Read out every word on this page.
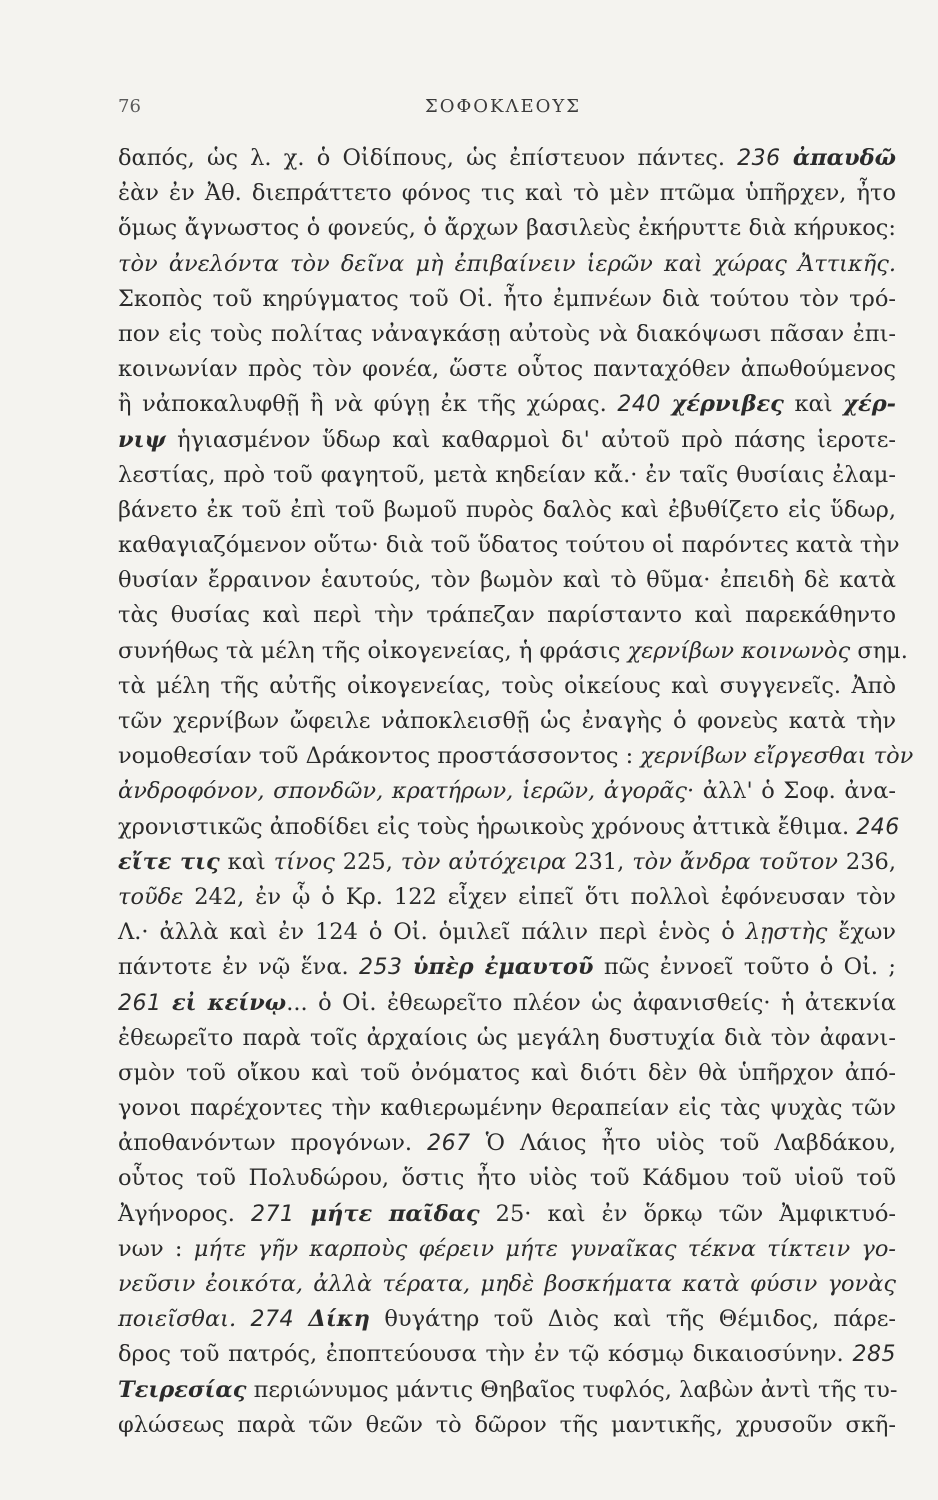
76	ΣΟΦΟΚΛΕΟΥΣ
δαπός, ὡς λ. χ. ὁ Οἰδίπους, ὡς ἐπίστευον πάντες. 236 ἀπαυδῶ
ἐὰν ἐν Ἀθ. διεπράττετο φόνος τις καὶ τὸ μὲν πτῶμα ὑπῆρχεν, ἦτο
ὅμως ἄγνωστος ὁ φονεύς, ὁ ἄρχων βασιλεὺς ἐκήρυττε διὰ κήρυκος:
τὸν ἀνελόντα τὸν δεῖνα μὴ ἐπιβαίνειν ἱερῶν καὶ χώρας Ἀττικῆς.
Σκοπὸς τοῦ κηρύγματος τοῦ Οἰ. ἦτο ἐμπνέων διὰ τούτου τὸν τρό-
πον εἰς τοὺς πολίτας νἀναγκάσῃ αὐτοὺς νὰ διακόψωσι πᾶσαν ἐπι-
κοινωνίαν πρὸς τὸν φονέα, ὥστε οὗτος πανταχόθεν ἀπωθούμενος
ἢ νἀποκαλυφθῇ ἢ νὰ φύγῃ ἐκ τῆς χώρας. 240 χέρνιβες καὶ χέρ-
νιψ ἡγιασμένον ὕδωρ καὶ καθαρμοὶ δι' αὐτοῦ πρὸ πάσης ἱεροτε-
λεστίας, πρὸ τοῦ φαγητοῦ, μετὰ κηδείαν κἄ.· ἐν ταῖς θυσίαις ἐλαμ-
βάνετο ἐκ τοῦ ἐπὶ τοῦ βωμοῦ πυρὸς δαλὸς καὶ ἐβυθίζετο εἰς ὕδωρ,
καθαγιαζόμενον οὕτω· διὰ τοῦ ὕδατος τούτου οἱ παρόντες κατὰ τὴν
θυσίαν ἔρραινον ἑαυτούς, τὸν βωμὸν καὶ τὸ θῦμα· ἐπειδὴ δὲ κατὰ
τὰς θυσίας καὶ περὶ τὴν τράπεζαν παρίσταντο καὶ παρεκάθηντο
συνήθως τὰ μέλη τῆς οἰκογενείας, ἡ φράσις χερνίβων κοινωνὸς σημ.
τὰ μέλη τῆς αὐτῆς οἰκογενείας, τοὺς οἰκείους καὶ συγγενεῖς. Ἀπὸ
τῶν χερνίβων ὤφειλε νἀποκλεισθῇ ὡς ἐναγὴς ὁ φονεὺς κατὰ τὴν
νομοθεσίαν τοῦ Δράκοντος προστάσσοντος : χερνίβων εἴργεσθαι τὸν
ἀνδροφόνον, σπονδῶν, κρατήρων, ἱερῶν, ἀγορᾶς· ἀλλ' ὁ Σοφ. ἀνα-
χρονιστικῶς ἀποδίδει εἰς τοὺς ἡρωικοὺς χρόνους ἀττικὰ ἔθιμα. 246
εἴτε τις καὶ τίνος 225, τὸν αὐτόχειρα 231, τὸν ἄνδρα τοῦτον 236,
τοῦδε 242, ἐν ᾧ ὁ Κρ. 122 εἶχεν εἰπεῖ ὅτι πολλοὶ ἐφόνευσαν τὸν
Λ.· ἀλλὰ καὶ ἐν 124 ὁ Οἰ. ὁμιλεῖ πάλιν περὶ ἑνὸς ὁ λῃστὴς ἔχων
πάντοτε ἐν νῷ ἕνα. 253 ὑπὲρ ἐμαυτοῦ πῶς ἐννοεῖ τοῦτο ὁ Οἰ. ;
261 εἰ κείνῳ... ὁ Οἰ. ἐθεωρεῖτο πλέον ὡς ἀφανισθείς· ἡ ἀτεκνία
ἐθεωρεῖτο παρὰ τοῖς ἀρχαίοις ὡς μεγάλη δυστυχία διὰ τὸν ἀφανι-
σμὸν τοῦ οἴκου καὶ τοῦ ὀνόματος καὶ διότι δὲν θὰ ὑπῆρχον ἀπό-
γονοι παρέχοντες τὴν καθιερωμένην θεραπείαν εἰς τὰς ψυχὰς τῶν
ἀποθανόντων προγόνων. 267 Ὁ Λάιος ἦτο υἱὸς τοῦ Λαβδάκου,
οὗτος τοῦ Πολυδώρου, ὅστις ἦτο υἱὸς τοῦ Κάδμου τοῦ υἱοῦ τοῦ
Ἀγήνορος. 271 μήτε παῖδας 25· καὶ ἐν ὅρκῳ τῶν Ἀμφικτυό-
νων : μήτε γῆν καρποὺς φέρειν μήτε γυναῖκας τέκνα τίκτειν γο-
νεῦσιν ἐοικότα, ἀλλὰ τέρατα, μηδὲ βοσκήματα κατὰ φύσιν γονὰς
ποιεῖσθαι. 274 Δίκη θυγάτηρ τοῦ Διὸς καὶ τῆς Θέμιδος, πάρε-
δρος τοῦ πατρός, ἐποπτεύουσα τὴν ἐν τῷ κόσμῳ δικαιοσύνην. 285
Τειρεσίας περιώνυμος μάντις Θηβαῖος τυφλός, λαβὼν ἀντὶ τῆς τυ-
φλώσεως παρὰ τῶν θεῶν τὸ δῶρον τῆς μαντικῆς, χρυσοῦν σκῆ-
